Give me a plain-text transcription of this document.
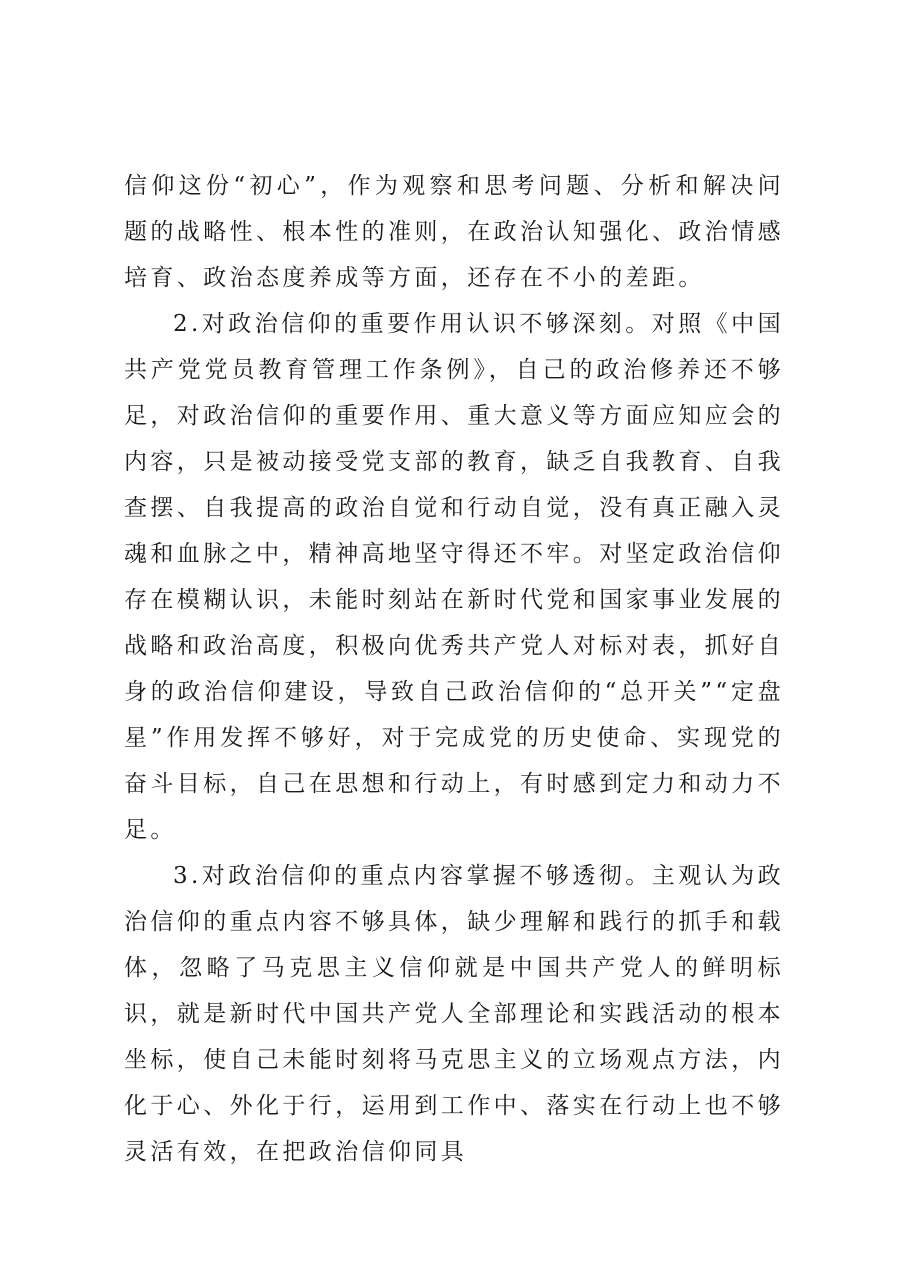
信仰这份“初心”，作为观察和思考问题、分析和解决问题的战略性、根本性的准则，在政治认知强化、政治情感培育、政治态度养成等方面，还存在不小的差距。

2.对政治信仰的重要作用认识不够深刻。对照《中国共产党党员教育管理工作条例》，自己的政治修养还不够足，对政治信仰的重要作用、重大意义等方面应知应会的内容，只是被动接受党支部的教育，缺乏自我教育、自我查摆、自我提高的政治自觉和行动自觉，没有真正融入灵魂和血脉之中，精神高地坚守得还不牢。对坚定政治信仰存在模糊认识，未能时刻站在新时代党和国家事业发展的战略和政治高度，积极向优秀共产党人对标对表，抓好自身的政治信仰建设，导致自己政治信仰的“总开关”“定盘星”作用发挥不够好，对于完成党的历史使命、实现党的奋斗目标，自己在思想和行动上，有时感到定力和动力不足。

3.对政治信仰的重点内容掌握不够透彻。主观认为政治信仰的重点内容不够具体，缺少理解和践行的抓手和载体，忽略了马克思主义信仰就是中国共产党人的鲜明标识，就是新时代中国共产党人全部理论和实践活动的根本坐标，使自己未能时刻将马克思主义的立场观点方法，内化于心、外化于行，运用到工作中、落实在行动上也不够灵活有效，在把政治信仰同具
